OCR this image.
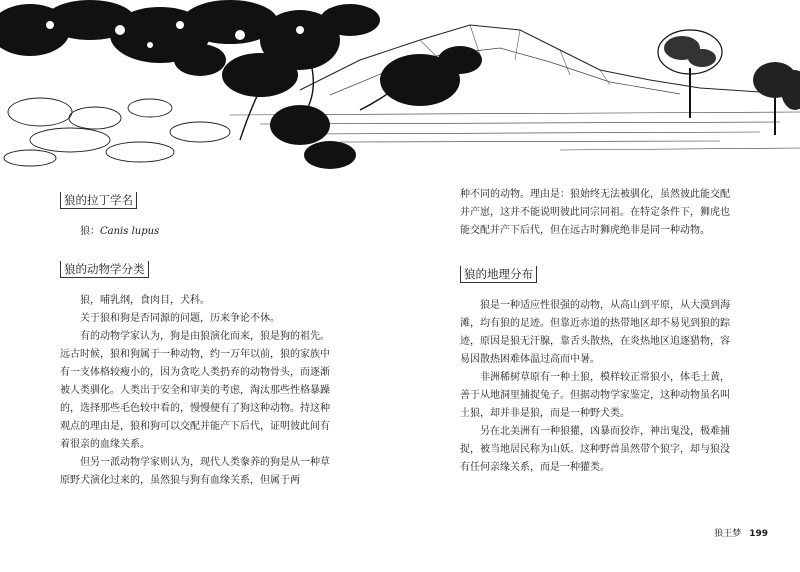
狼的拉丁学名

狼：Canis lupus

狼的动物学分类

狼，哺乳纲，食肉目，犬科。

关于狼和狗是否同源的问题，历来争论不休。

有的动物学家认为，狗是由狼演化而来，狼是狗的祖先。远古时候，狼和狗属于一种动物，约一万年以前，狼的家族中有一支体格较瘦小的，因为贪吃人类扔弃的动物骨头，而逐渐被人类驯化。人类出于安全和审美的考虑，淘汰那些性格暴躁的，选择那些毛色较中看的，慢慢便有了狗这种动物。持这种观点的理由是，狼和狗可以交配并能产下后代，证明彼此间有着很亲的血缘关系。

但另一派动物学家则认为，现代人类豢养的狗是从一种草原野犬演化过来的，虽然狼与狗有血缘关系，但属于两

种不同的动物。理由是：狼始终无法被驯化，虽然彼此能交配并产崽，这并不能说明彼此同宗同祖。在特定条件下，狮虎也能交配并产下后代，但在远古时狮虎绝非是同一种动物。

狼的地理分布

狼是一种适应性很强的动物，从高山到平原，从大漠到海滩，均有狼的足迹。但靠近赤道的热带地区却不易见到狼的踪迹，原因是狼无汗腺，靠舌头散热，在炎热地区追逐猎物，容易因散热困难体温过高而中暑。

非洲稀树草原有一种土狼，模样较正常狼小，体毛土黄，善于从地洞里捕捉兔子。但据动物学家鉴定，这种动物虽名叫土狼，却并非是狼，而是一种野犬类。

另在北美洲有一种狼獾，凶暴而狡诈，神出鬼没，极难捕捉，被当地居民称为山妖。这种野兽虽然带个狼字，却与狼没有任何亲缘关系，而是一种獾类。

狼王梦 199
